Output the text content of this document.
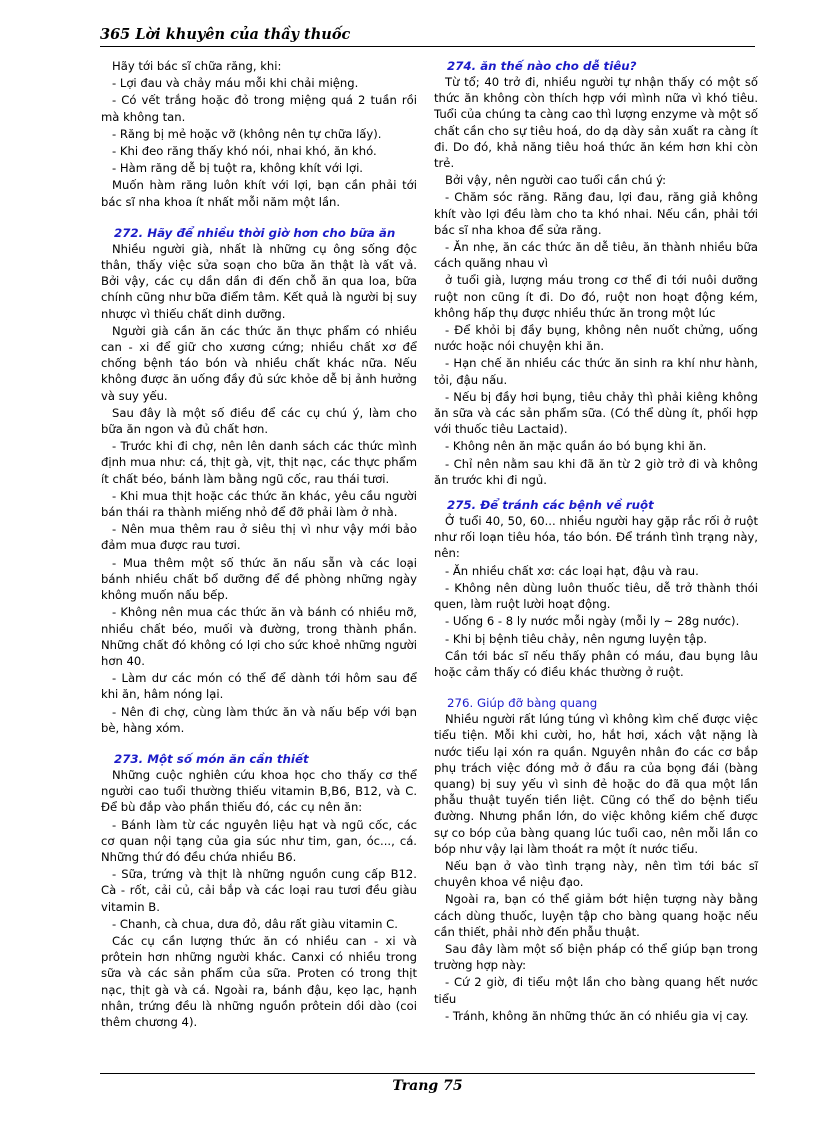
365 Lời khuyên của thầy thuốc

Hãy tới bác sĩ chữa răng, khi:

- Lợi đau và chảy máu mỗi khi chải miệng.

- Có vết trắng hoặc đỏ trong miệng quá 2 tuần rồi mà không tan.

- Răng bị mẻ hoặc vỡ (không nên tự chữa lấy).

- Khi đeo răng thấy khó nói, nhai khó, ăn khó.

- Hàm răng dễ bị tuột ra, không khít với lợi.

Muốn hàm răng luôn khít với lợi, bạn cần phải tới bác sĩ nha khoa ít nhất mỗi năm một lần.

272. Hãy để nhiều thời giờ hơn cho bữa ăn

Nhiều người già, nhất là những cụ ông sống độc thân, thấy việc sửa soạn cho bữa ăn thật là vất vả. Bởi vậy, các cụ dần dần đi đến chỗ ăn qua loa, bữa chính cũng như bữa điểm tâm. Kết quả là người bị suy nhược vì thiếu chất dinh dưỡng.

Người già cần ăn các thức ăn thực phẩm có nhiều can - xi để giữ cho xương cứng; nhiều chất xơ để chống bệnh táo bón và nhiều chất khác nữa. Nếu không được ăn uống đầy đủ sức khỏe dễ bị ảnh hưởng và suy yếu.

Sau đây là một số điều để các cụ chú ý, làm cho bữa ăn ngon và đủ chất hơn.

- Trước khi đi chợ, nên lên danh sách các thức mình định mua như: cá, thịt gà, vịt, thịt nạc, các thực phẩm ít chất béo, bánh làm bằng ngũ cốc, rau thái tươi.

- Khi mua thịt hoặc các thức ăn khác, yêu cầu người bán thái ra thành miếng nhỏ để đỡ phải làm ở nhà.

- Nên mua thêm rau ở siêu thị vì như vậy mới bảo đảm mua được rau tươi.

- Mua thêm một số thức ăn nấu sẵn và các loại bánh nhiều chất bổ dưỡng để đề phòng những ngày không muốn nấu bếp.

- Không nên mua các thức ăn và bánh có nhiều mỡ, nhiều chất béo, muối và đường, trong thành phần. Những chất đó không có lợi cho sức khoẻ những người hơn 40.

- Làm dư các món có thể để dành tới hôm sau để khi ăn, hâm nóng lại.

- Nên đi chợ, cùng làm thức ăn và nấu bếp với bạn bè, hàng xóm.

273. Một số món ăn cần thiết

Những cuộc nghiên cứu khoa học cho thấy cơ thể người cao tuổi thường thiếu vitamin B,B6, B12, và C. Để bù đắp vào phần thiếu đó, các cụ nên ăn:

- Bánh làm từ các nguyên liệu hạt và ngũ cốc, các cơ quan nội tạng của gia súc như tim, gan, óc..., cá. Những thứ đó đều chứa nhiều B6.

- Sữa, trứng và thịt là những nguồn cung cấp B12. Cà - rốt, cải củ, cải bắp và các loại rau tươi đều giàu vitamin B.

- Chanh, cà chua, dưa đỏ, dâu rất giàu vitamin C.

Các cụ cần lượng thức ăn có nhiều can - xi và prôtein hơn những người khác. Canxi có nhiều trong sữa và các sản phẩm của sữa. Proten có trong thịt nạc, thịt gà và cá. Ngoài ra, bánh đậu, kẹo lạc, hạnh nhân, trứng đều là những nguồn prôtein dồi dào (coi thêm chương 4).

274. ăn thế nào cho dễ tiêu?

Từ tổ; 40 trở đi, nhiều người tự nhận thấy có một số thức ăn không còn thích hợp với mình nữa vì khó tiêu. Tuổi của chúng ta càng cao thì lượng enzyme và một số chất cần cho sự tiêu hoá, do dạ dày sản xuất ra càng ít đi. Do đó, khả năng tiêu hoá thức ăn kém hơn khi còn trẻ.

Bởi vậy, nên người cao tuổi cần chú ý:

- Chăm sóc răng. Răng đau, lợi đau, răng giả không khít vào lợi đều làm cho ta khó nhai. Nếu cần, phải tới bác sĩ nha khoa để sửa răng.

- Ăn nhẹ, ăn các thức ăn dễ tiêu, ăn thành nhiều bữa cách quãng nhau vì

ở tuổi già, lượng máu trong cơ thể đi tới nuôi dưỡng ruột non cũng ít đi. Do đó, ruột non hoạt động kém, không hấp thụ được nhiều thức ăn trong một lúc

- Để khỏi bị đầy bụng, không nên nuốt chửng, uống nước hoặc nói chuyện khi ăn.

- Hạn chế ăn nhiều các thức ăn sinh ra khí như hành, tỏi, đậu nấu.

- Nếu bị đầy hơi bụng, tiêu chảy thì phải kiêng không ăn sữa và các sản phẩm sữa. (Có thể dùng ít, phối hợp với thuốc tiêu Lactaid).

- Không nên ăn mặc quần áo bó bụng khi ăn.

- Chỉ nên nằm sau khi đã ăn từ 2 giờ trở đi và không ăn trước khi đi ngủ.

275. Để tránh các bệnh về ruột

Ở tuổi 40, 50, 60... nhiều người hay gặp rắc rối ở ruột như rối loạn tiêu hóa, táo bón. Để tránh tình trạng này, nên:

- Ăn nhiều chất xơ: các loại hạt, đậu và rau.

- Không nên dùng luôn thuốc tiêu, dễ trở thành thói quen, làm ruột lười hoạt động.

- Uống 6 - 8 ly nước mỗi ngày (mỗi ly ~ 28g nước).

- Khi bị bệnh tiêu chảy, nên ngưng luyện tập.

Cần tới bác sĩ nếu thấy phân có máu, đau bụng lâu hoặc cảm thấy có điều khác thường ở ruột.

276. Giúp đỡ bàng quang

Nhiều người rất lúng túng vì không kìm chế được việc tiểu tiện. Mỗi khi cười, ho, hắt hơi, xách vật nặng là nước tiểu lại xón ra quần. Nguyên nhân đo các cơ bắp phụ trách việc đóng mở ở đầu ra của bọng đái (bàng quang) bị suy yếu vì sinh đẻ hoặc do đã qua một lần phẫu thuật tuyến tiền liệt. Cũng có thể do bệnh tiểu đường. Nhưng phần lớn, do việc không kiềm chế được sự co bóp của bàng quang lúc tuổi cao, nên mỗi lần co bóp như vậy lại làm thoát ra một ít nước tiểu.

Nếu bạn ở vào tình trạng này, nên tìm tới bác sĩ chuyên khoa về niệu đạo.

Ngoài ra, bạn có thể giảm bớt hiện tượng này bằng cách dùng thuốc, luyện tập cho bàng quang hoặc nếu cần thiết, phải nhờ đến phẫu thuật.

Sau đây làm một số biện pháp có thể giúp bạn trong trường hợp này:

- Cứ 2 giờ, đi tiểu một lần cho bàng quang hết nước tiểu

- Tránh, không ăn những thức ăn có nhiều gia vị cay.

Trang 75
